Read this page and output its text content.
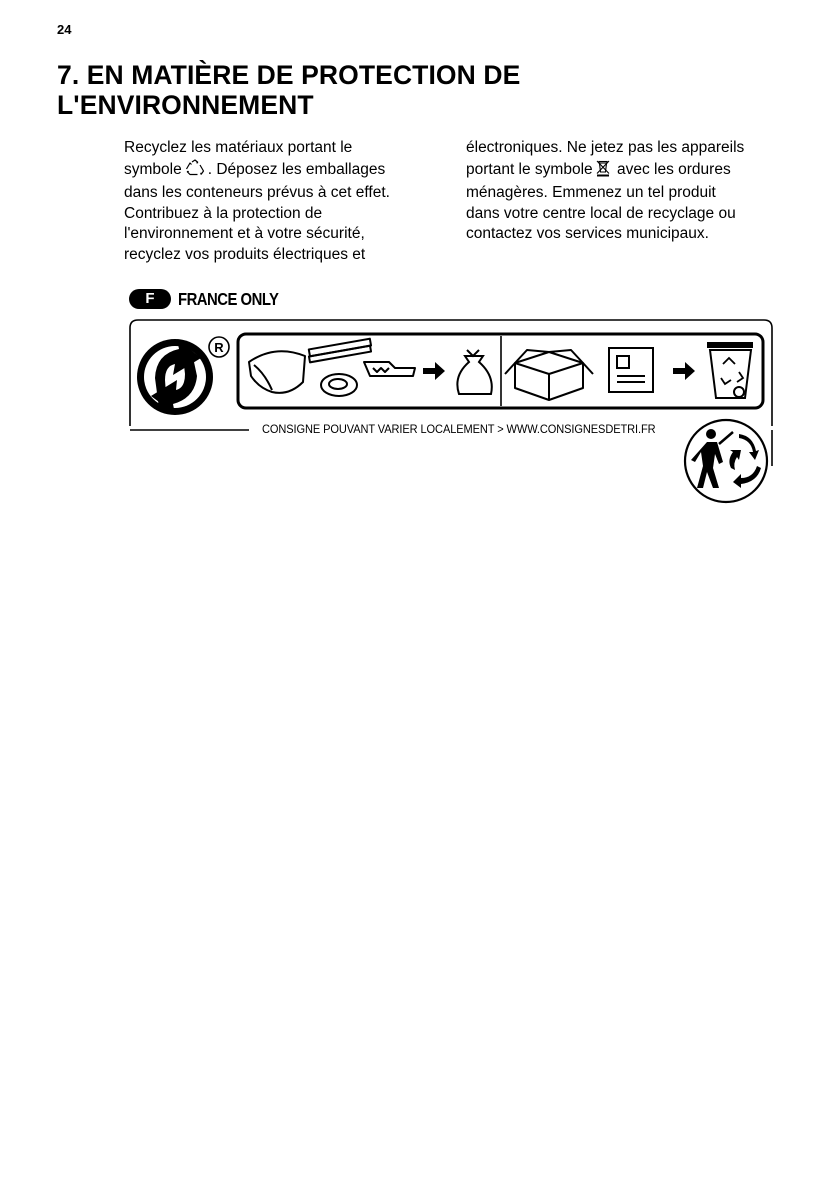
24
7. EN MATIÈRE DE PROTECTION DE
L'ENVIRONNEMENT
Recyclez les matériaux portant le
symbole . Déposez les emballages
dans les conteneurs prévus à cet effet.
Contribuez à la protection de
l'environnement et à votre sécurité,
recyclez vos produits électriques et
électroniques. Ne jetez pas les appareils
portant le symbole avec les ordures
ménagères. Emmenez un tel produit
dans votre centre local de recyclage ou
contactez vos services municipaux.
F	FRANCE ONLY
R
CONSIGNE POUVANT VARIER LOCALEMENT > WWW.CONSIGNESDETRI.FR
